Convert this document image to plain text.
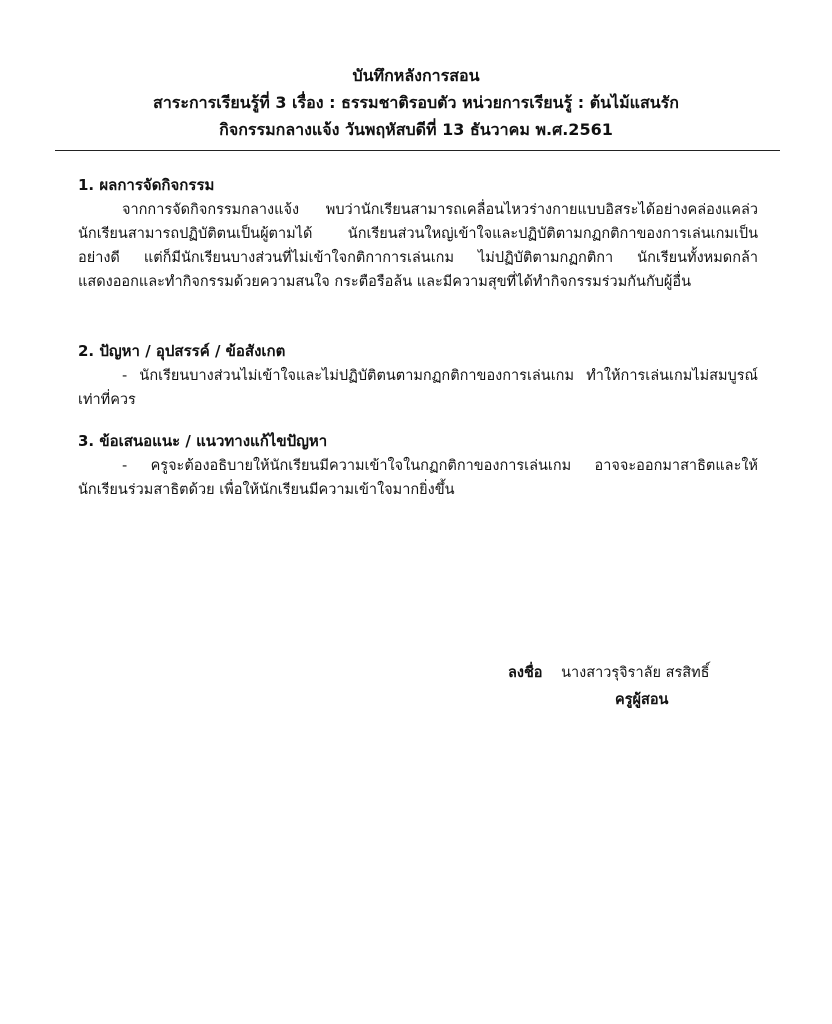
บันทึกหลังการสอน
สาระการเรียนรู้ที่ 3 เรื่อง : ธรรมชาติรอบตัว หน่วยการเรียนรู้ : ต้นไม้แสนรัก
กิจกรรมกลางแจ้ง วันพฤหัสบดีที่ 13 ธันวาคม พ.ศ.2561
1. ผลการจัดกิจกรรม
จากการจัดกิจกรรมกลางแจ้ง พบว่านักเรียนสามารถเคลื่อนไหวร่างกายแบบอิสระได้อย่างคล่องแคล่ว นักเรียนสามารถปฏิบัติตนเป็นผู้ตามได้ นักเรียนส่วนใหญ่เข้าใจและปฏิบัติตามกฏกติกาของการเล่นเกมเป็นอย่างดี แต่ก็มีนักเรียนบางส่วนที่ไม่เข้าใจกติกาการเล่นเกม ไม่ปฏิบัติตามกฏกติกา นักเรียนทั้งหมดกล้าแสดงออกและทำกิจกรรมด้วยความสนใจ กระตือรือล้น และมีความสุขที่ได้ทำกิจกรรมร่วมกันกับผู้อื่น
2. ปัญหา / อุปสรรค์ / ข้อสังเกต
- นักเรียนบางส่วนไม่เข้าใจและไม่ปฏิบัติตนตามกฏกติกาของการเล่นเกม ทำให้การเล่นเกมไม่สมบูรณ์เท่าที่ควร
3. ข้อเสนอแนะ / แนวทางแก้ไขปัญหา
- ครูจะต้องอธิบายให้นักเรียนมีความเข้าใจในกฏกติกาของการเล่นเกม อาจจะออกมาสาธิตและให้นักเรียนร่วมสาธิตด้วย เพื่อให้นักเรียนมีความเข้าใจมากยิ่งขึ้น
ลงชื่อ นางสาวรุจิราลัย สรสิทธิ์
ครูผู้สอน
